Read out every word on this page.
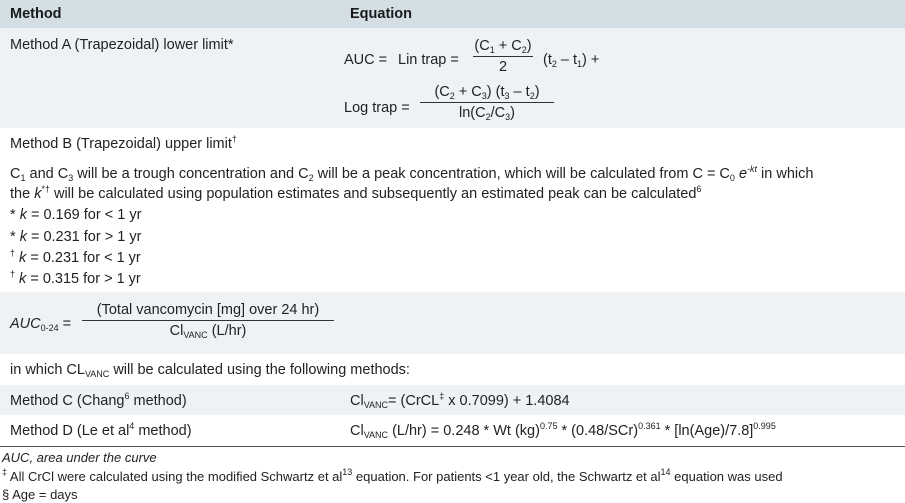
Method	Equation
Method A (Trapezoidal) lower limit*
AUC = Lin trap =
$(C_1 + C_2)$
2	$(t_2 - t_1)$ +
Log trap =
$(C_2 + C_3)$ $(t_3 - t_2)$
$\ln(C_2/C_3)$
Method B (Trapezoidal) upper limit†
$C_1$ and $C_3$ will be a trough concentration and $C_2$ will be a peak concentration, which will be calculated from $C = C_0$ $e^{-kt}$ in which
the k*† will be calculated using population estimates and subsequently an estimated peak can be calculated$^6$
* k = 0.169 for < 1 yr
* k = 0.231 for > 1 yr
† k = 0.231 for < 1 yr
† k = 0.315 for > 1 yr
$AUC_{0-24}$ =
(Total vancomycin [mg] over 24 hr)
$Cl_{VANC}$ (L/hr)
in which $CL_{VANC}$ will be calculated using the following methods:
Method C (Chang$^6$ method)	$Cl_{VANC}=$ (CrCL‡ x 0.7099) + 1.4084
Method D (Le et $al^4$ method)	$Cl_{VANC}$ (L/hr) = 0.248 * Wt $(kg)^{0.75} * (0.48/SCr)^{0.361} * [\ln(Age)/7.8]^{0.995}$
AUC, area under the curve
‡ All CrCl were calculated using the modified Schwartz et $al^{13}$ equation. For patients <1 year old, the Schwartz et $al^{14}$ equation was used
§ Age = days
